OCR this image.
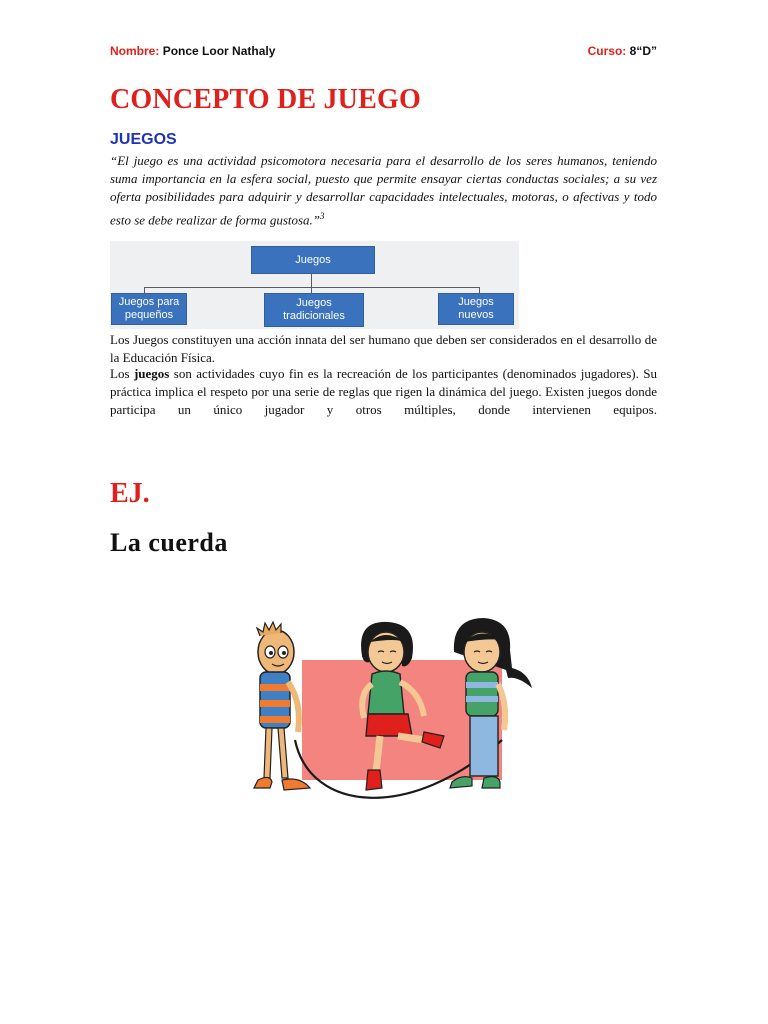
Nombre: Ponce Loor Nathaly	Curso: 8“D”
CONCEPTO DE JUEGO
JUEGOS

“El juego es una actividad psicomotora necesaria para el desarrollo de los seres humanos, teniendo suma importancia en la esfera social, puesto que permite ensayar ciertas conductas sociales; a su vez oferta posibilidades para adquirir y desarrollar capacidades intelectuales, motoras, o afectivas y todo esto se debe realizar de forma gustosa.”$^3$

Juegos
Juegos para pequeños
Juegos tradicionales
Juegos nuevos

Los Juegos constituyen una acción innata del ser humano que deben ser considerados en el desarrollo de la Educación Física.

Los juegos son actividades cuyo fin es la recreación de los participantes (denominados jugadores). Su práctica implica el respeto por una serie de reglas que rigen la dinámica del juego. Existen juegos donde participa un único jugador y otros múltiples, donde intervienen equipos.

EJ.
La cuerda
